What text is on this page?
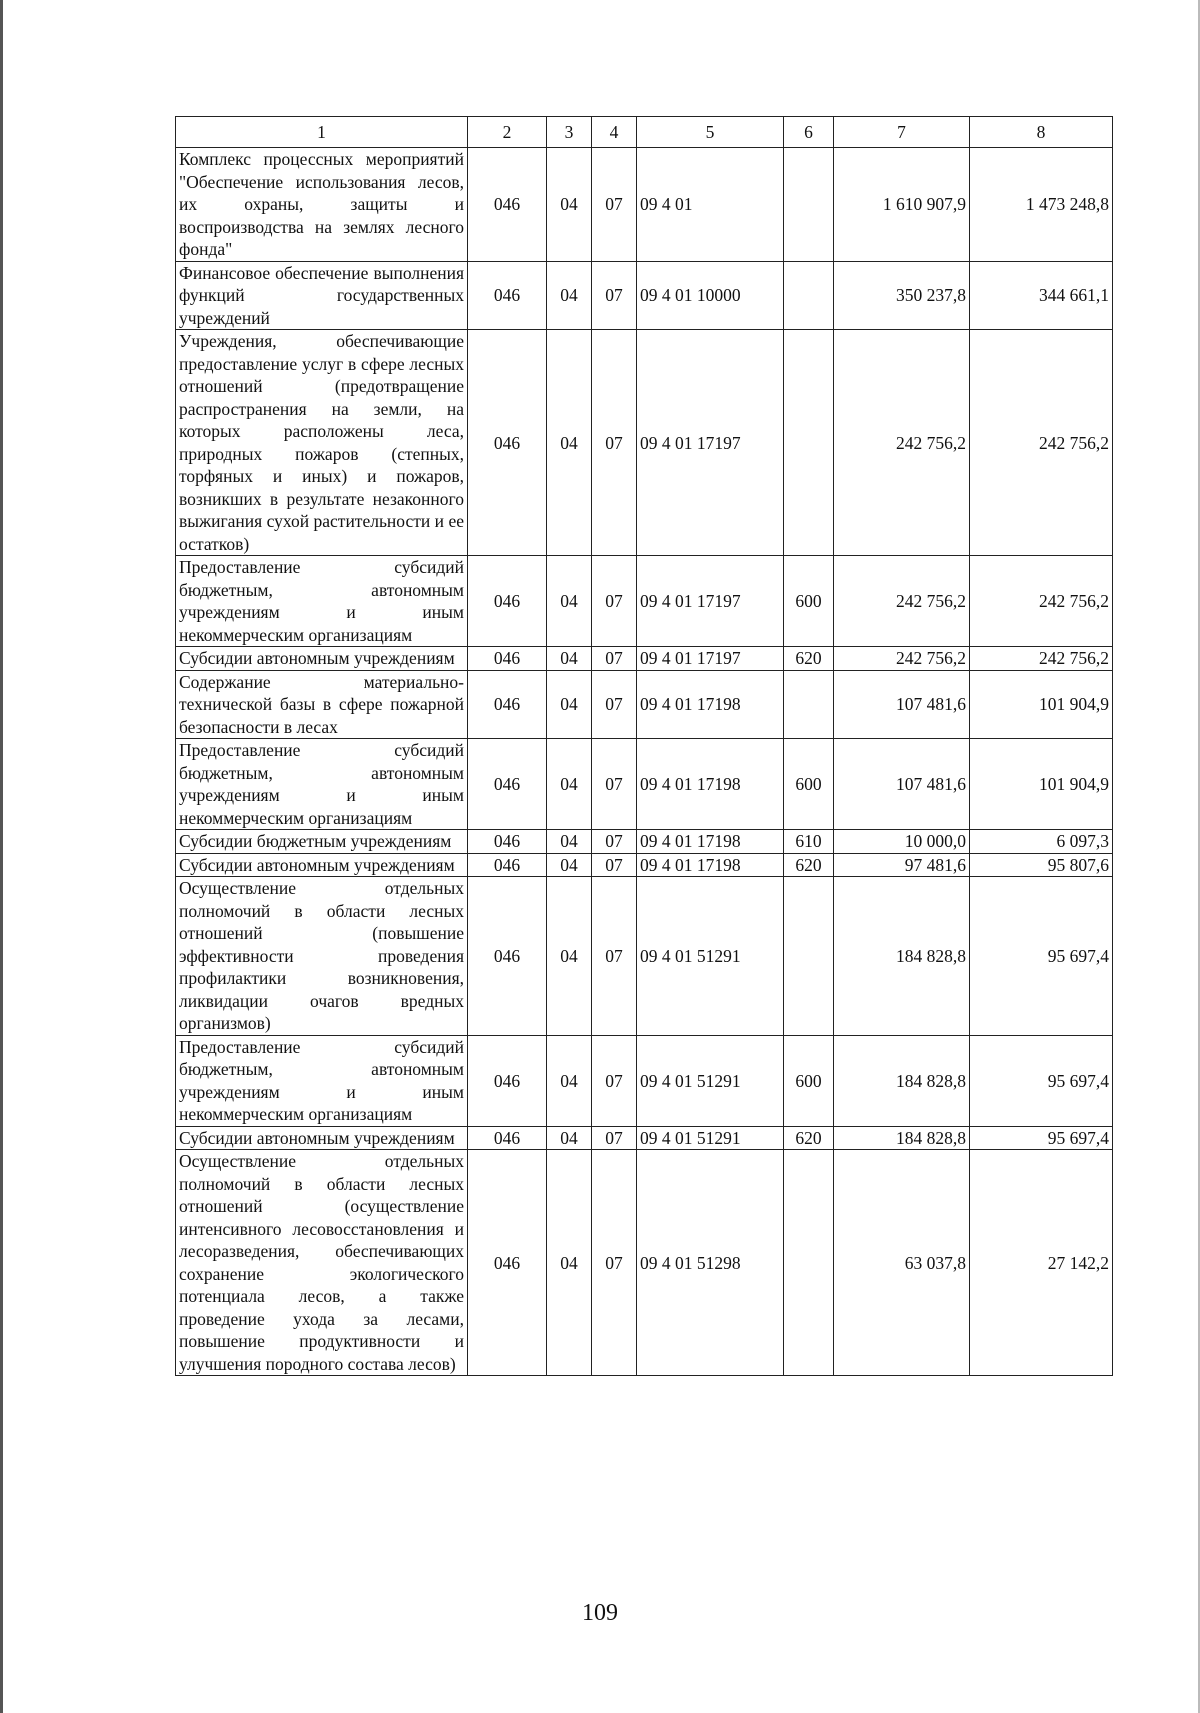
1	2	3	4	5	6	7	8
Комплекс процессных мероприятий "Обеспечение использования лесов, их охраны, защиты и воспроизводства на землях лесного фонда"	046	04	07	09 4 01		1 610 907,9	1 473 248,8
Финансовое обеспечение выполнения функций государственных учреждений	046	04	07	09 4 01 10000		350 237,8	344 661,1
Учреждения, обеспечивающие предоставление услуг в сфере лесных отношений (предотвращение распространения на земли, на которых расположены леса, природных пожаров (степных, торфяных и иных) и пожаров, возникших в результате незаконного выжигания сухой растительности и ее остатков)	046	04	07	09 4 01 17197		242 756,2	242 756,2
Предоставление субсидий бюджетным, автономным учреждениям и иным некоммерческим организациям	046	04	07	09 4 01 17197	600	242 756,2	242 756,2
Субсидии автономным учреждениям	046	04	07	09 4 01 17197	620	242 756,2	242 756,2
Содержание материально-технической базы в сфере пожарной безопасности в лесах	046	04	07	09 4 01 17198		107 481,6	101 904,9
Предоставление субсидий бюджетным, автономным учреждениям и иным некоммерческим организациям	046	04	07	09 4 01 17198	600	107 481,6	101 904,9
Субсидии бюджетным учреждениям	046	04	07	09 4 01 17198	610	10 000,0	6 097,3
Субсидии автономным учреждениям	046	04	07	09 4 01 17198	620	97 481,6	95 807,6
Осуществление отдельных полномочий в области лесных отношений (повышение эффективности проведения профилактики возникновения, ликвидации очагов вредных организмов)	046	04	07	09 4 01 51291		184 828,8	95 697,4
Предоставление субсидий бюджетным, автономным учреждениям и иным некоммерческим организациям	046	04	07	09 4 01 51291	600	184 828,8	95 697,4
Субсидии автономным учреждениям	046	04	07	09 4 01 51291	620	184 828,8	95 697,4
Осуществление отдельных полномочий в области лесных отношений (осуществление интенсивного лесовосстановления и лесоразведения, обеспечивающих сохранение экологического потенциала лесов, а также проведение ухода за лесами, повышение продуктивности и улучшения породного состава лесов)	046	04	07	09 4 01 51298		63 037,8	27 142,2
109
